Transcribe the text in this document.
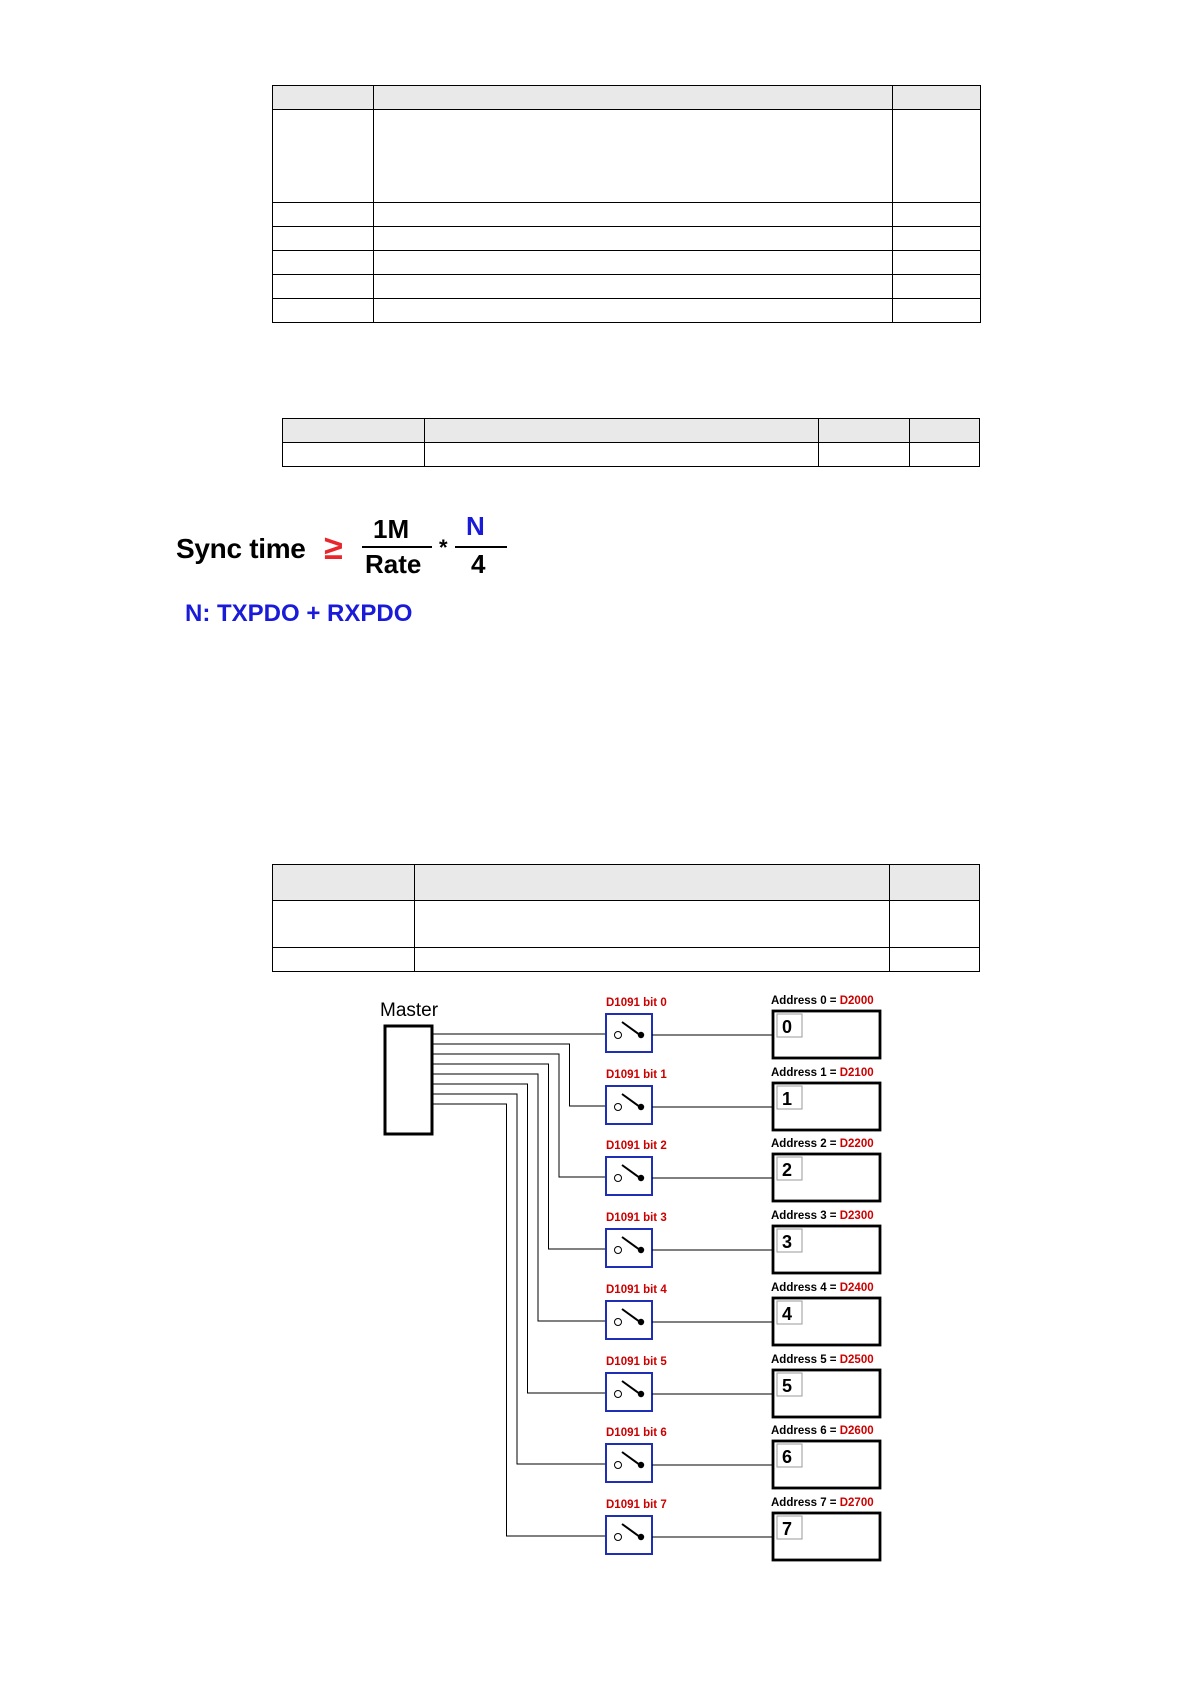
Sync time ≥ 1M
Rate
*
N
4
N: TXPDO + RXPDO

Master	D1091 bit 0	Address 0 = D2000
0
D1091 bit 1	Address 1 = D2100
1
D1091 bit 2	Address 2 = D2200
2
D1091 bit 3	Address 3 = D2300
3
D1091 bit 4	Address 4 = D2400
4
D1091 bit 5	Address 5 = D2500
5
D1091 bit 6	Address 6 = D2600
6
D1091 bit 7	Address 7 = D2700
7
